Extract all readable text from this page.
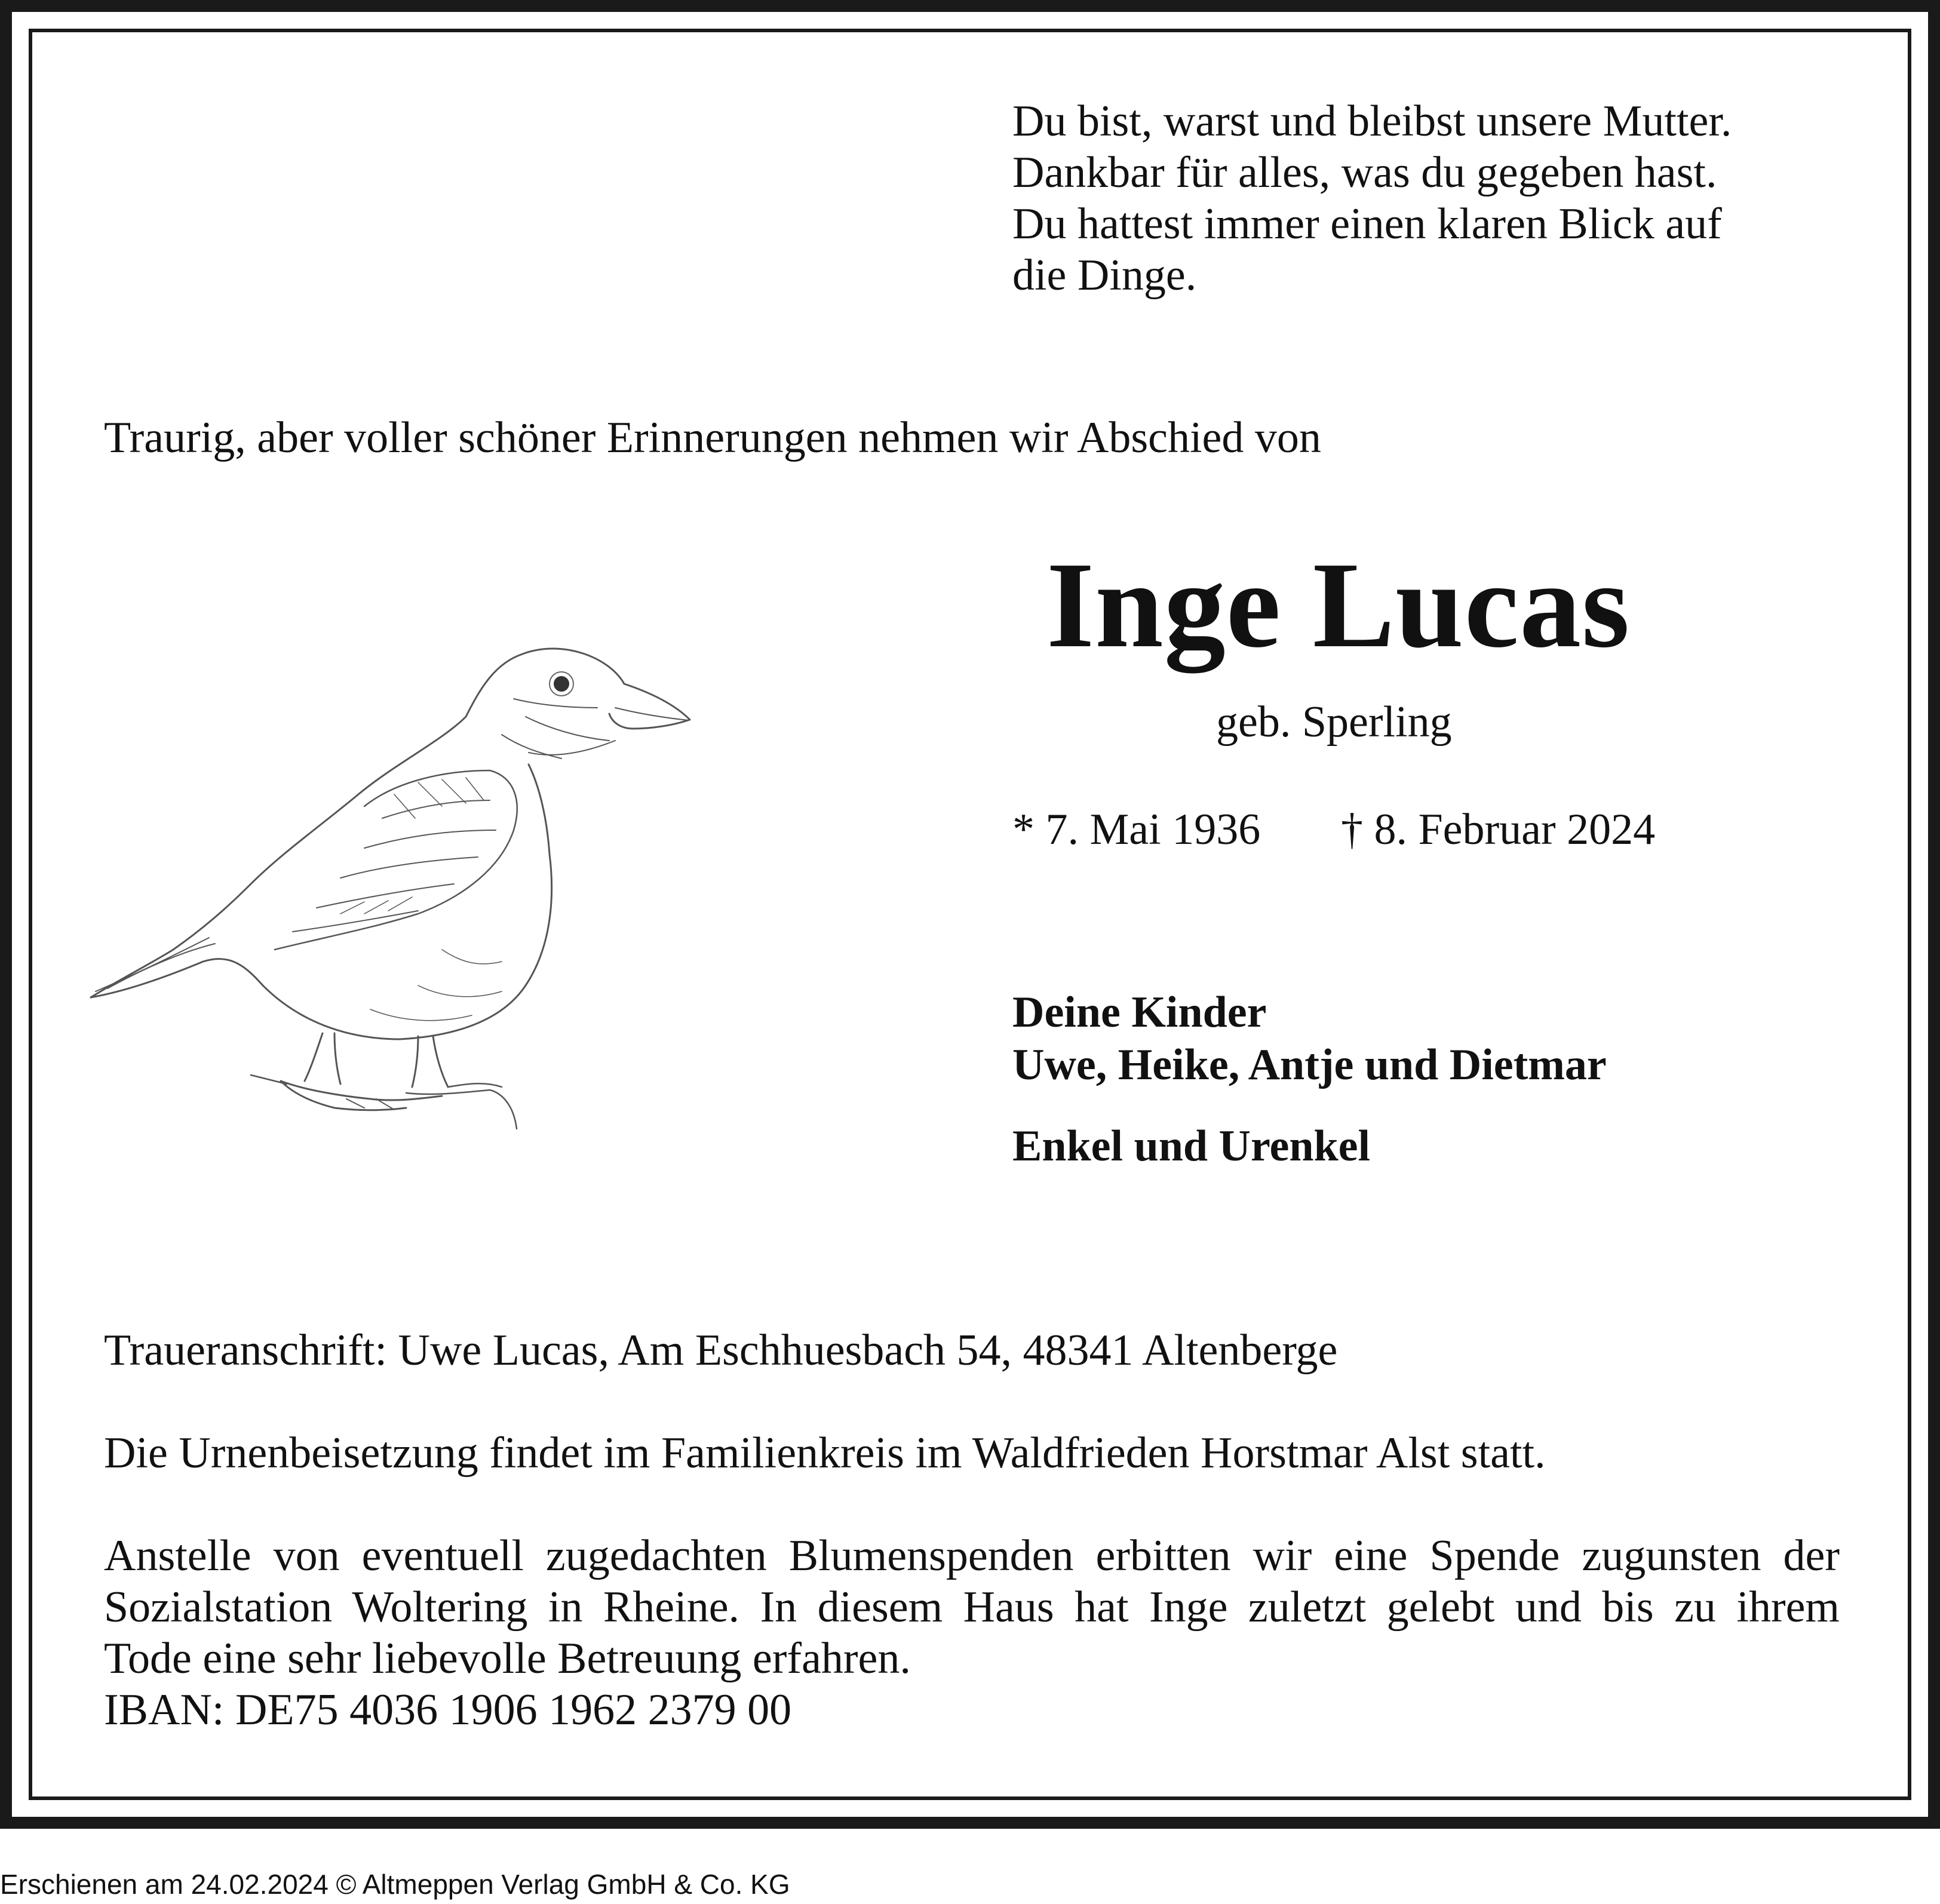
Du bist, warst und bleibst unsere Mutter.
Dankbar für alles, was du gegeben hast.
Du hattest immer einen klaren Blick auf
die Dinge.

Traurig, aber voller schöner Erinnerungen nehmen wir Abschied von

Inge Lucas

geb. Sperling

* 7. Mai 1936 † 8. Februar 2024

Deine Kinder

Uwe, Heike, Antje und Dietmar

Enkel und Urenkel

Traueranschrift: Uwe Lucas, Am Eschhuesbach 54, 48341 Altenberge

Die Urnenbeisetzung findet im Familienkreis im Waldfrieden Horstmar Alst statt.

Anstelle von eventuell zugedachten Blumenspenden erbitten wir eine Spende zugunsten der
Sozialstation Woltering in Rheine. In diesem Haus hat Inge zuletzt gelebt und bis zu ihrem
Tode eine sehr liebevolle Betreuung erfahren.
IBAN: DE75 4036 1906 1962 2379 00
Erschienen am 24.02.2024 © Altmeppen Verlag GmbH & Co. KG
